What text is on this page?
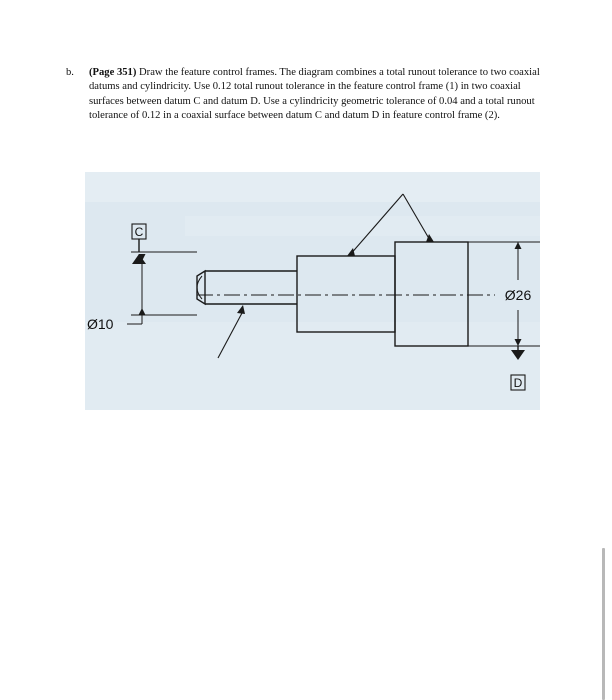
b. (Page 351) Draw the feature control frames. The diagram combines a total runout tolerance to two coaxial datums and cylindricity. Use 0.12 total runout tolerance in the feature control frame (1) in two coaxial surfaces between datum C and datum D. Use a cylindricity geometric tolerance of 0.04 and a total runout tolerance of 0.12 in a coaxial surface between datum C and datum D in feature control frame (2).
C
D
Ø10
Ø26
